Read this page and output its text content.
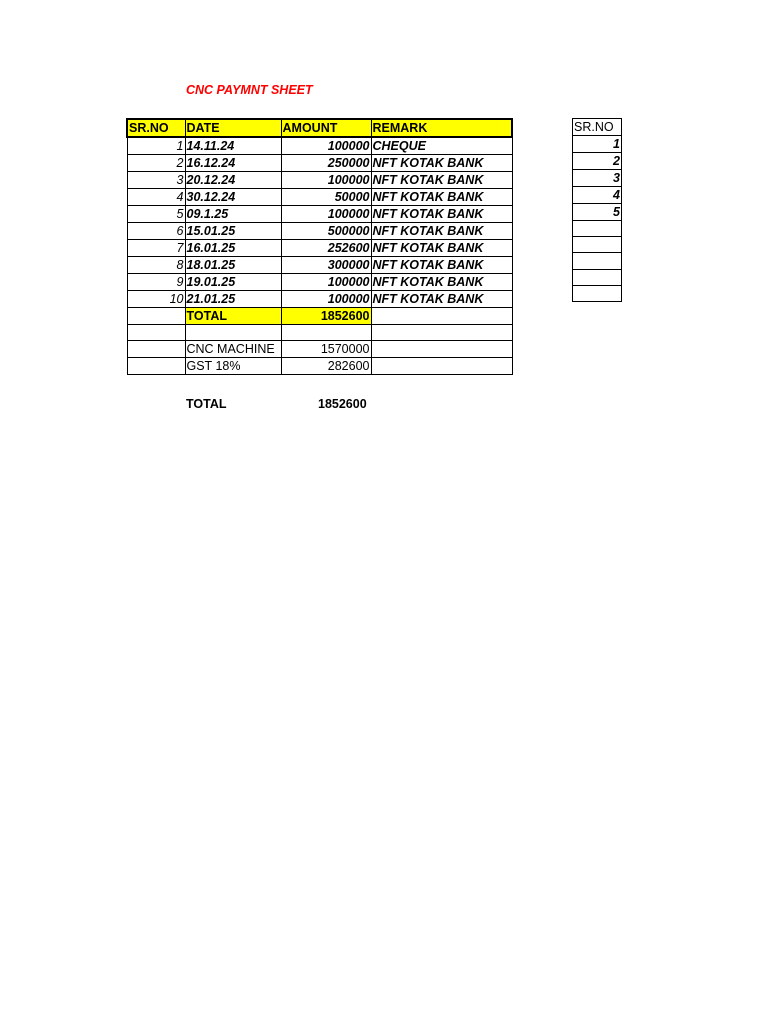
CNC PAYMNT SHEET
SR.NO	DATE	AMOUNT	REMARK
1	14.11.24	100000	CHEQUE
2	16.12.24	250000	NFT KOTAK BANK
3	20.12.24	100000	NFT KOTAK BANK
4	30.12.24	50000	NFT KOTAK BANK
5	09.1.25	100000	NFT KOTAK BANK
6	15.01.25	500000	NFT KOTAK BANK
7	16.01.25	252600	NFT KOTAK BANK
8	18.01.25	300000	NFT KOTAK BANK
9	19.01.25	100000	NFT KOTAK BANK
10	21.01.25	100000	NFT KOTAK BANK
	TOTAL	1852600	

	CNC MACHINE	1570000	
	GST 18%	282600	
TOTAL	1852600
SR.NO
1
2
3
4
5
